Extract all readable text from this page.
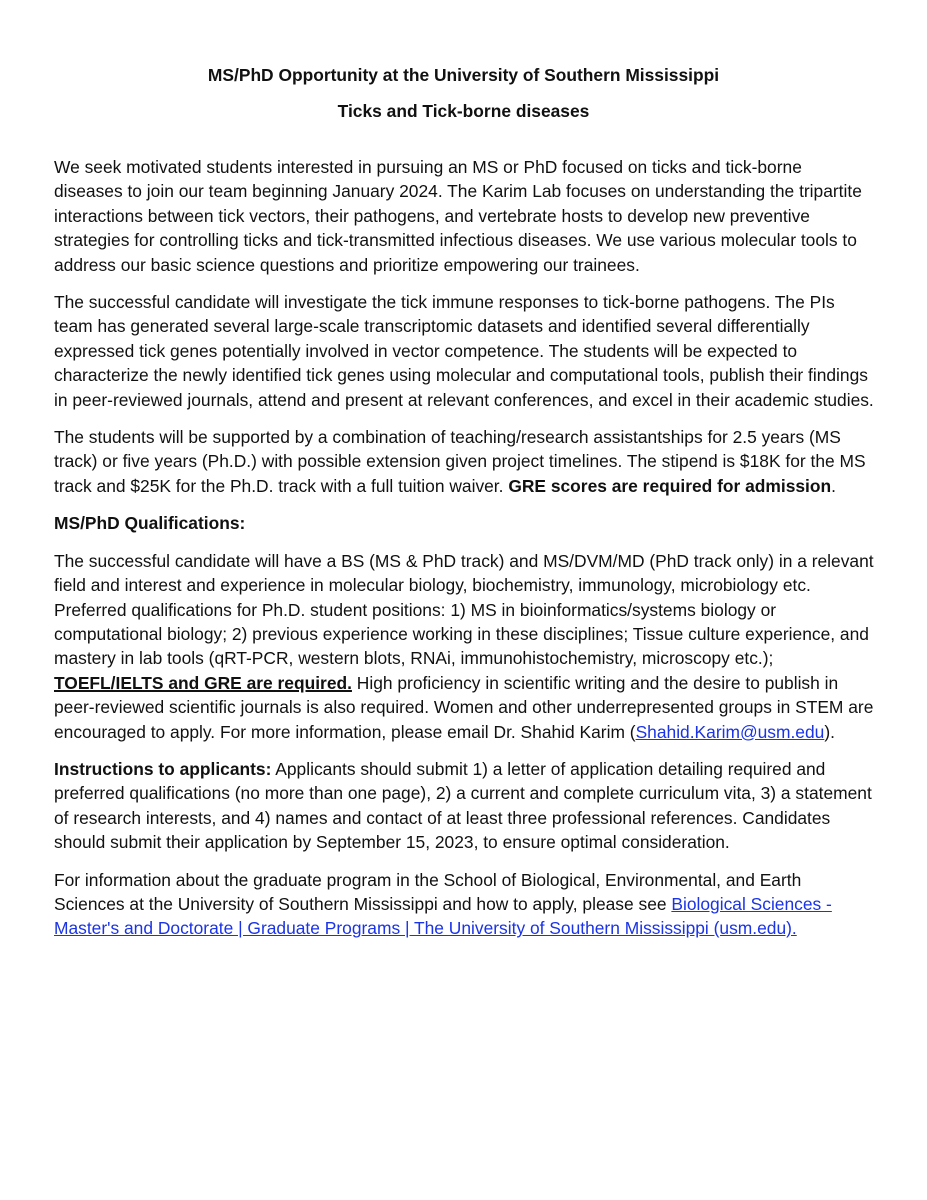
MS/PhD Opportunity at the University of Southern Mississippi
Ticks and Tick-borne diseases

We seek motivated students interested in pursuing an MS or PhD focused on ticks and tick-borne diseases to join our team beginning January 2024. The Karim Lab focuses on understanding the tripartite interactions between tick vectors, their pathogens, and vertebrate hosts to develop new preventive strategies for controlling ticks and tick-transmitted infectious diseases. We use various molecular tools to address our basic science questions and prioritize empowering our trainees.

The successful candidate will investigate the tick immune responses to tick-borne pathogens. The PIs team has generated several large-scale transcriptomic datasets and identified several differentially expressed tick genes potentially involved in vector competence. The students will be expected to characterize the newly identified tick genes using molecular and computational tools, publish their findings in peer-reviewed journals, attend and present at relevant conferences, and excel in their academic studies.

The students will be supported by a combination of teaching/research assistantships for 2.5 years (MS track) or five years (Ph.D.) with possible extension given project timelines. The stipend is $18K for the MS track and $25K for the Ph.D. track with a full tuition waiver. GRE scores are required for admission.

MS/PhD Qualifications:

The successful candidate will have a BS (MS & PhD track) and MS/DVM/MD (PhD track only) in a relevant field and interest and experience in molecular biology, biochemistry, immunology, microbiology etc. Preferred qualifications for Ph.D. student positions: 1) MS in bioinformatics/systems biology or computational biology; 2) previous experience working in these disciplines; Tissue culture experience, and mastery in lab tools (qRT-PCR, western blots, RNAi, immunohistochemistry, microscopy etc.); TOEFL/IELTS and GRE are required. High proficiency in scientific writing and the desire to publish in peer-reviewed scientific journals is also required. Women and other underrepresented groups in STEM are encouraged to apply. For more information, please email Dr. Shahid Karim (Shahid.Karim@usm.edu).

Instructions to applicants: Applicants should submit 1) a letter of application detailing required and preferred qualifications (no more than one page), 2) a current and complete curriculum vita, 3) a statement of research interests, and 4) names and contact of at least three professional references. Candidates should submit their application by September 15, 2023, to ensure optimal consideration.

For information about the graduate program in the School of Biological, Environmental, and Earth Sciences at the University of Southern Mississippi and how to apply, please see Biological Sciences - Master's and Doctorate | Graduate Programs | The University of Southern Mississippi (usm.edu).
